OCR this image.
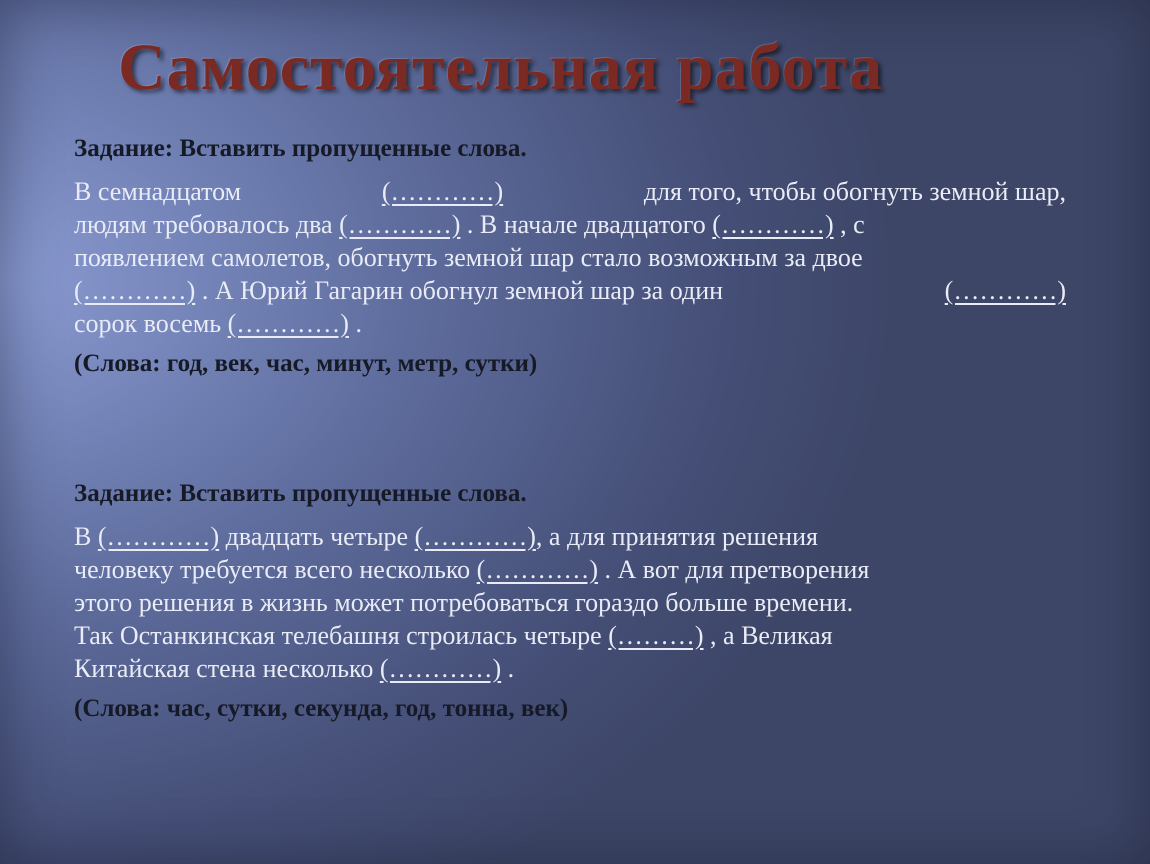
Самостоятельная работа
Задание: Вставить пропущенные слова.
В семнадцатом	(…………)	для того, чтобы обогнуть земной шар,
людям требовалось два (…………) . В начале двадцатого (…………) , с
появлением самолетов, обогнуть земной шар стало возможным за двое
(…………) . А Юрий Гагарин обогнул земной шар за один	(…………)
сорок восемь (…………) .
(Слова: год, век, час, минут, метр, сутки)
Задание: Вставить пропущенные слова.
В (…………) двадцать четыре (…………), а для принятия решения
человеку требуется всего несколько (…………) . А вот для претворения
этого решения в жизнь может потребоваться гораздо больше времени.
Так Останкинская телебашня строилась четыре (………) , а Великая
Китайская стена несколько (…………) .
(Слова: час, сутки, секунда, год, тонна, век)
